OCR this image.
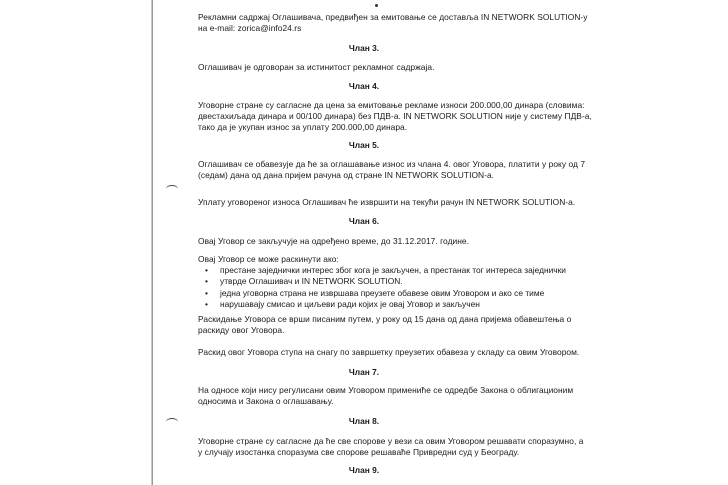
Рекламни садржај Оглашивача, предвиђен за емитовање се доставља IN NETWORK SOLUTION-у
на e-mail: zorica@info24.rs
Члан 3.
Оглашивач је одговоран за истинитост рекламног садржаја.
Члан 4.
Уговорне стране су сагласне да цена за емитовање рекламе износи 200.000,00 динара (словима:
двестахиљада динара и 00/100 динара) без ПДВ-а. IN NETWORK SOLUTION није у систему ПДВ-а,
тако да је укупан износ за уплату 200.000,00 динара.
Члан 5.
Оглашивач се обавезује да ће за оглашавање износ из члана 4. овог Уговора, платити у року од 7
(седам) дана од дана пријем рачуна од стране IN NETWORK SOLUTION-а.
Уплату уговореног износа Оглашивач ће извршити на текући рачун IN NETWORK SOLUTION-а.
Члан 6.
Овај Уговор се закључује на одређено време, до 31.12.2017. године.
Овај Уговор се може раскинути ако:
• престане заједнички интерес због кога је закључен, а престанак тог интереса заједнички
• утврде Оглашивач и IN NETWORK SOLUTION.
• једна уговорна страна не извршава преузете обавезе овим Уговором и ако се тиме
• нарушавају смисао и циљеви ради којих је овај Уговор и закључен
Раскидање Уговора се врши писаним путем, у року од 15 дана од дана пријема обавештења о
раскиду овог Уговора.
Раскид овог Уговора ступа на снагу по завршетку преузетих обавеза у складу са овим Уговором.
Члан 7.
На односе који нису регулисани овим Уговором примениће се одредбе Закона о облигационим
односима и Закона о оглашавању.
Члан 8.
Уговорне стране су сагласне да ће све спорове у вези са овим Уговором решавати споразумно, а
у случају изостанка споразума све спорове решаваће Привредни суд у Београду.
Члан 9.
